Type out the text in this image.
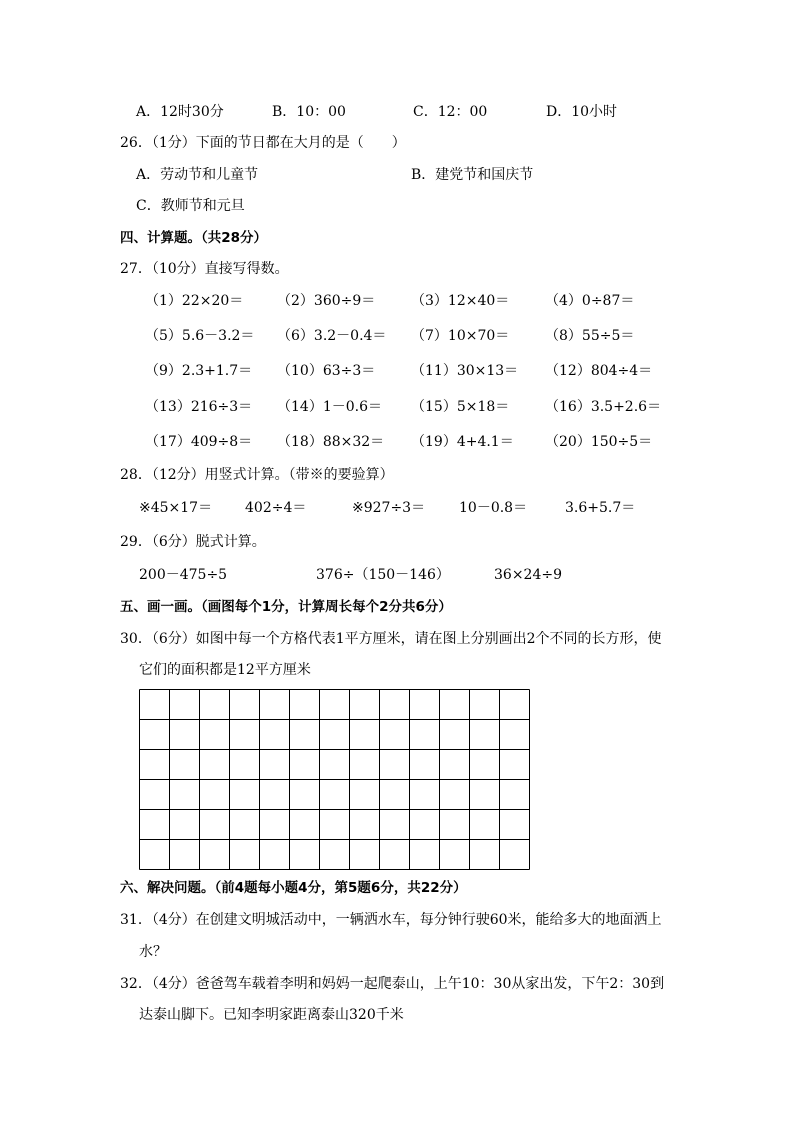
A．12时30分	B．10：00	C．12：00	D．10小时
26．（1分）下面的节日都在大月的是（　　）
A．劳动节和儿童节	B．建党节和国庆节
C．教师节和元旦
四、计算题。（共28分）
27．（10分）直接写得数。
（1）22×20＝ （2）360÷9＝	（3）12×40＝	（4）0÷87＝
（5）5.6－3.2＝ （6）3.2－0.4＝ （7）10×70＝	（8）55÷5＝
（9）2.3+1.7＝ （10）63÷3＝	（11）30×13＝ （12）804÷4＝
（13）216÷3＝ （14）1－0.6＝ （15）5×18＝	（16）3.5+2.6＝
（17）409÷8＝ （18）88×32＝ （19）4+4.1＝ （20）150÷5＝
28．（12分）用竖式计算。（带※的要验算）
※45×17＝ 402÷4＝	※927÷3＝ 10－0.8＝	3.6+5.7＝
29．（6分）脱式计算。
200－475÷5	376÷（150－146）	36×24÷9
五、画一画。（画图每个1分，计算周长每个2分共6分）
30．（6分）如图中每一个方格代表1平方厘米，请在图上分别画出2个不同的长方形，使
它们的面积都是12平方厘米
六、解决问题。（前4题每小题4分，第5题6分，共22分）
31．（4分）在创建文明城活动中，一辆洒水车，每分钟行驶60米，能给多大的地面洒上
水？
32．（4分）爸爸驾车载着李明和妈妈一起爬泰山，上午10：30从家出发，下午2：30到
达泰山脚下。已知李明家距离泰山320千米
